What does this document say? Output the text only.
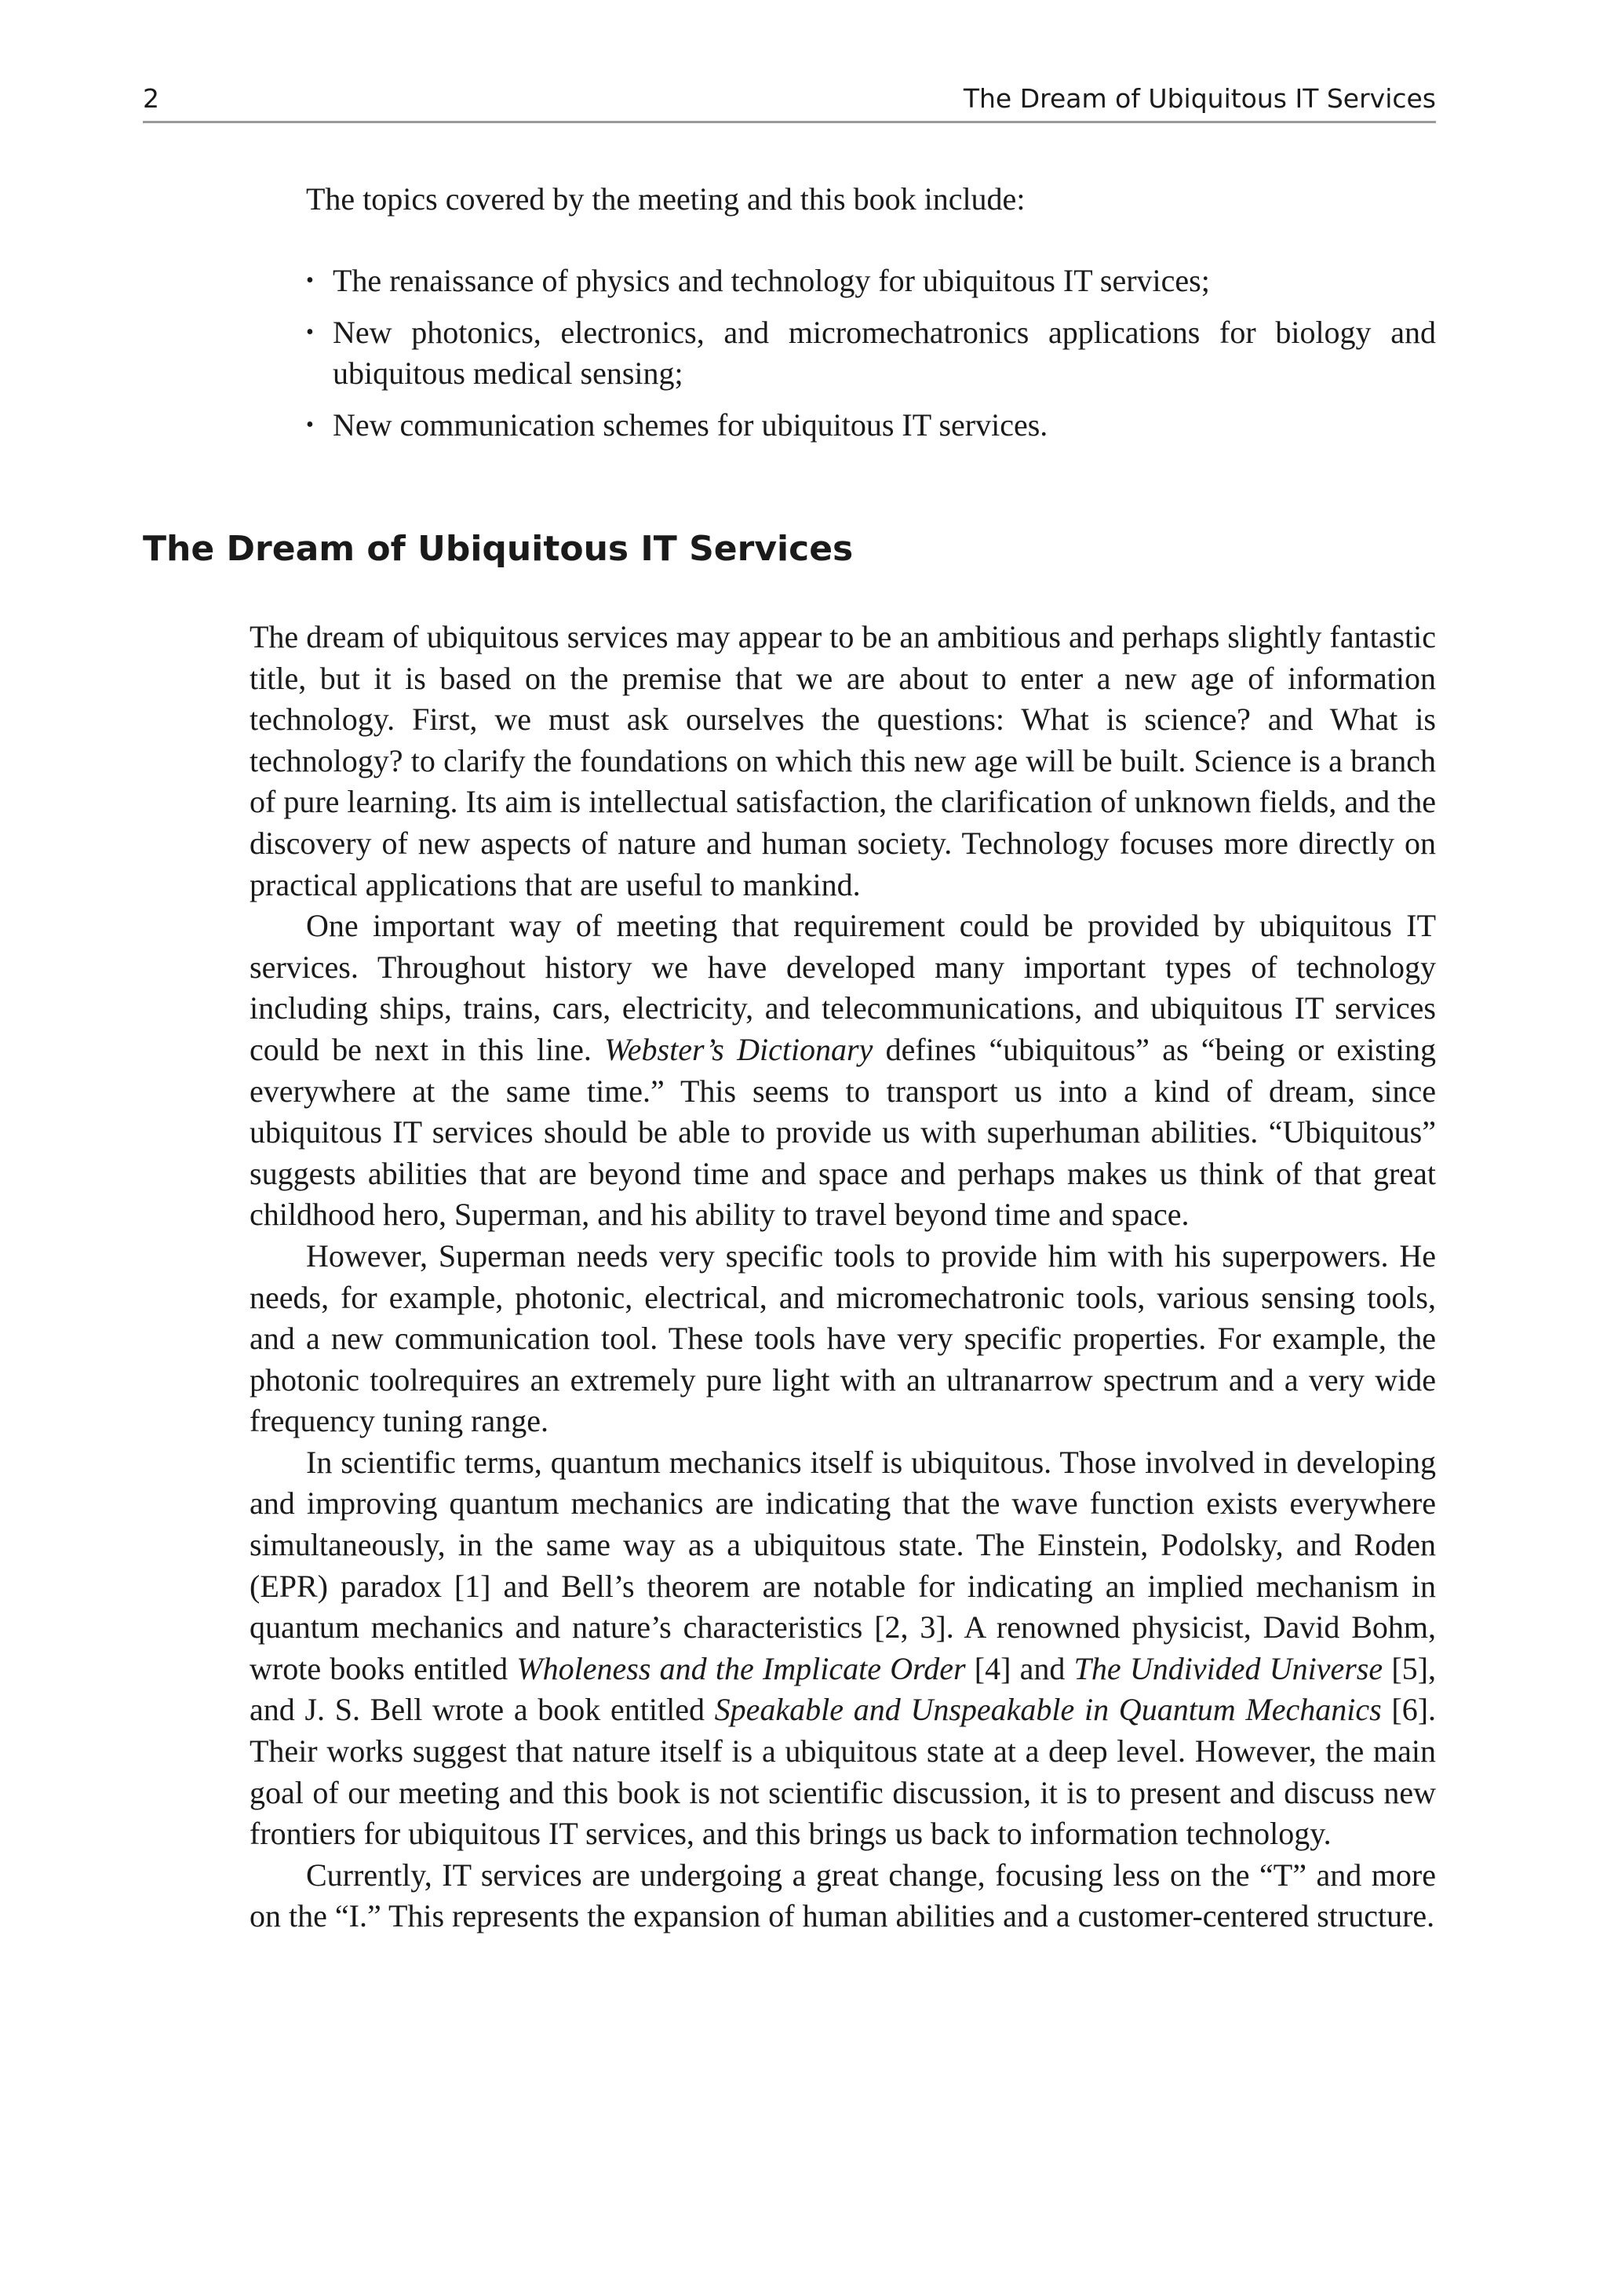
2	The Dream of Ubiquitous IT Services
The topics covered by the meeting and this book include:
• The renaissance of physics and technology for ubiquitous IT services;
• New photonics, electronics, and micromechatronics applications for biology and ubiquitous medical sensing;
• New communication schemes for ubiquitous IT services.
The Dream of Ubiquitous IT Services

The dream of ubiquitous services may appear to be an ambitious and perhaps slightly fantastic title, but it is based on the premise that we are about to enter a new age of information technology. First, we must ask ourselves the questions: What is science? and What is technology? to clarify the foundations on which this new age will be built. Science is a branch of pure learning. Its aim is intellectual satisfaction, the clarification of unknown fields, and the discovery of new aspects of nature and human society. Technology focuses more directly on practical applications that are useful to mankind.

One important way of meeting that requirement could be provided by ubiquitous IT services. Throughout history we have developed many important types of technology including ships, trains, cars, electricity, and telecommunications, and ubiquitous IT services could be next in this line. Webster’s Dictionary defines “ubiquitous” as “being or existing everywhere at the same time.” This seems to transport us into a kind of dream, since ubiquitous IT services should be able to provide us with superhuman abilities. “Ubiquitous” suggests abilities that are beyond time and space and perhaps makes us think of that great childhood hero, Superman, and his ability to travel beyond time and space.

However, Superman needs very specific tools to provide him with his superpowers. He needs, for example, photonic, electrical, and micromechatronic tools, various sensing tools, and a new communication tool. These tools have very specific properties. For example, the photonic toolrequires an extremely pure light with an ultranarrow spectrum and a very wide frequency tuning range.

In scientific terms, quantum mechanics itself is ubiquitous. Those involved in developing and improving quantum mechanics are indicating that the wave function exists everywhere simultaneously, in the same way as a ubiquitous state. The Einstein, Podolsky, and Roden (EPR) paradox [1] and Bell’s theorem are notable for indicating an implied mechanism in quantum mechanics and nature’s characteristics [2, 3]. A renowned physicist, David Bohm, wrote books entitled Wholeness and the Implicate Order [4] and The Undivided Universe [5], and J. S. Bell wrote a book entitled Speakable and Unspeakable in Quantum Mechanics [6]. Their works suggest that nature itself is a ubiquitous state at a deep level. However, the main goal of our meeting and this book is not scientific discussion, it is to present and discuss new frontiers for ubiquitous IT services, and this brings us back to information technology.

Currently, IT services are undergoing a great change, focusing less on the “T” and more on the “I.” This represents the expansion of human abilities and a customer-centered structure.
